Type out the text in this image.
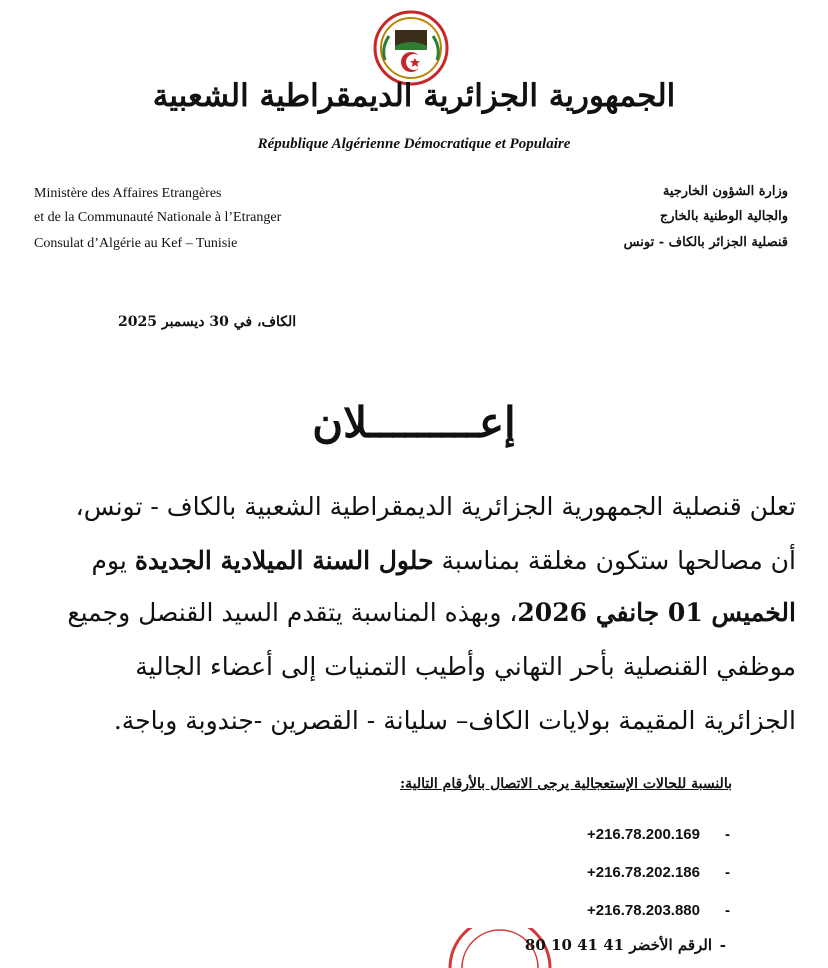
الجمهورية الجزائرية الديمقراطية الشعبية
République Algérienne Démocratique et Populaire
Ministère des Affaires Etrangères
et de la Communauté Nationale à l’Etranger
Consulat d’Algérie au Kef – Tunisie
وزارة الشؤون الخارجية
والجالية الوطنية بالخارج
قنصلية الجزائر بالكاف - تونس
الكاف، في 30 ديسمبر 2025
إعـــــــــلان
تعلن قنصلية الجمهورية الجزائرية الديمقراطية الشعبية بالكاف - تونس،
أن مصالحها ستكون مغلقة بمناسبة حلول السنة الميلادية الجديدة يوم
الخميس 01 جانفي 2026، وبهذه المناسبة يتقدم السيد القنصل وجميع
موظفي القنصلية بأحر التهاني وأطيب التمنيات إلى أعضاء الجالية
الجزائرية المقيمة بولايات الكاف– سليانة - القصرين -جندوبة وباجة.
بالنسبة للحالات الإستعجالية يرجى الاتصال بالأرقام التالية:
-
+216.78.200.169
-
+216.78.202.186
-
+216.78.203.880
-
الرقم الأخضر 41 41 10 80
